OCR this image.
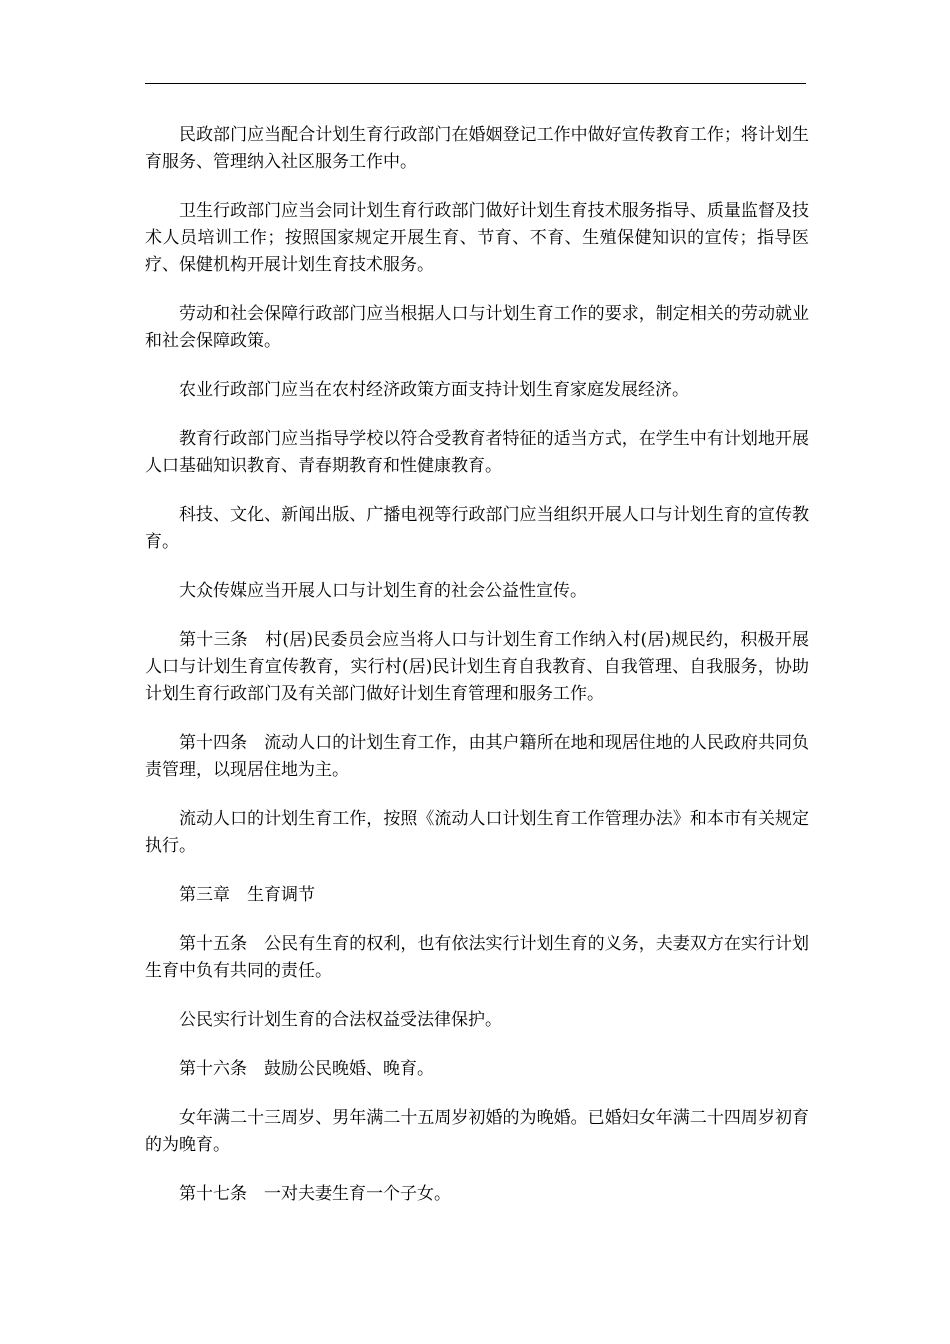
民政部门应当配合计划生育行政部门在婚姻登记工作中做好宣传教育工作；将计划生育服务、管理纳入社区服务工作中。

卫生行政部门应当会同计划生育行政部门做好计划生育技术服务指导、质量监督及技术人员培训工作；按照国家规定开展生育、节育、不育、生殖保健知识的宣传；指导医疗、保健机构开展计划生育技术服务。

劳动和社会保障行政部门应当根据人口与计划生育工作的要求，制定相关的劳动就业和社会保障政策。

农业行政部门应当在农村经济政策方面支持计划生育家庭发展经济。

教育行政部门应当指导学校以符合受教育者特征的适当方式，在学生中有计划地开展人口基础知识教育、青春期教育和性健康教育。

科技、文化、新闻出版、广播电视等行政部门应当组织开展人口与计划生育的宣传教育。

大众传媒应当开展人口与计划生育的社会公益性宣传。

第十三条　村(居)民委员会应当将人口与计划生育工作纳入村(居)规民约，积极开展人口与计划生育宣传教育，实行村(居)民计划生育自我教育、自我管理、自我服务，协助计划生育行政部门及有关部门做好计划生育管理和服务工作。

第十四条　流动人口的计划生育工作，由其户籍所在地和现居住地的人民政府共同负责管理，以现居住地为主。

流动人口的计划生育工作，按照《流动人口计划生育工作管理办法》和本市有关规定执行。

第三章　生育调节

第十五条　公民有生育的权利，也有依法实行计划生育的义务，夫妻双方在实行计划生育中负有共同的责任。

公民实行计划生育的合法权益受法律保护。

第十六条　鼓励公民晚婚、晚育。

女年满二十三周岁、男年满二十五周岁初婚的为晚婚。已婚妇女年满二十四周岁初育的为晚育。

第十七条　一对夫妻生育一个子女。
